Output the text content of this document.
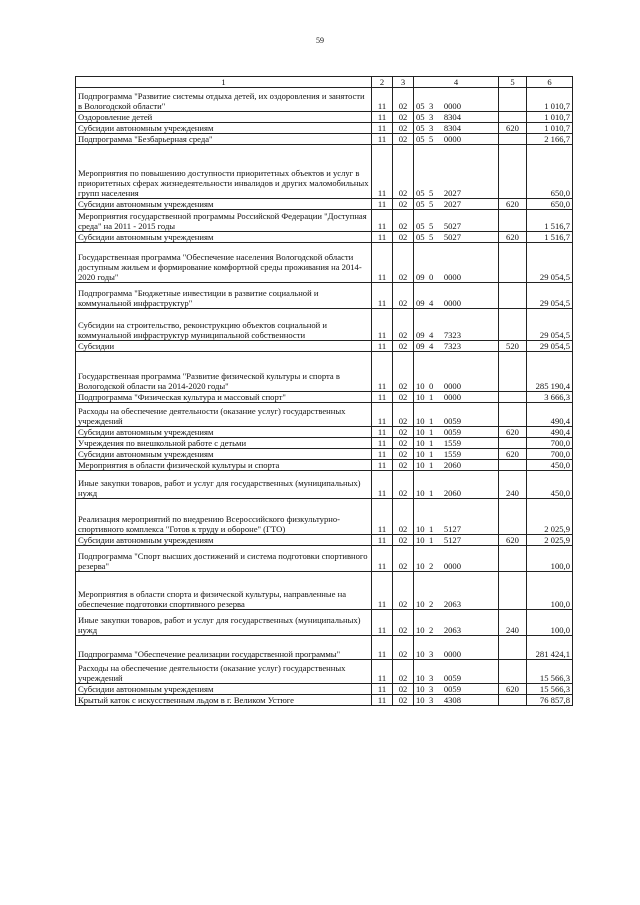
59
1	2	3	4	5	6
Подпрограмма "Развитие системы отдыха детей, их оздоровления и занятости в Вологодской области"	11	02	05 3 0000		1 010,7
Оздоровление детей	11	02	05 3 8304		1 010,7
Субсидии автономным учреждениям	11	02	05 3 8304	620	1 010,7
Подпрограмма "Безбарьерная среда"	11	02	05 5 0000		2 166,7
Мероприятия по повышению доступности приоритетных объектов и услуг в приоритетных сферах жизнедеятельности инвалидов и других маломобильных групп населения	11	02	05 5 2027		650,0
Субсидии автономным учреждениям	11	02	05 5 2027	620	650,0
Мероприятия государственной программы Российской Федерации "Доступная среда" на 2011 - 2015 годы	11	02	05 5 5027		1 516,7
Субсидии автономным учреждениям	11	02	05 5 5027	620	1 516,7
Государственная программа "Обеспечение населения Вологодской области доступным жильем и формирование комфортной среды проживания на 2014-2020 годы"	11	02	09 0 0000		29 054,5
Подпрограмма "Бюджетные инвестиции в развитие социальной и коммунальной инфраструктур"	11	02	09 4 0000		29 054,5
Субсидии на строительство, реконструкцию объектов социальной и коммунальной инфраструктур муниципальной собственности	11	02	09 4 7323		29 054,5
Субсидии	11	02	09 4 7323	520	29 054,5
Государственная программа "Развитие физической культуры и спорта в Вологодской области на 2014-2020 годы"	11	02	10 0 0000		285 190,4
Подпрограмма "Физическая культура и массовый спорт"	11	02	10 1 0000		3 666,3
Расходы на обеспечение деятельности (оказание услуг) государственных учреждений	11	02	10 1 0059		490,4
Субсидии автономным учреждениям	11	02	10 1 0059	620	490,4
Учреждения по внешкольной работе с детьми	11	02	10 1 1559		700,0
Субсидии автономным учреждениям	11	02	10 1 1559	620	700,0
Мероприятия в области физической культуры и спорта	11	02	10 1 2060		450,0
Иные закупки товаров, работ и услуг для государственных (муниципальных) нужд	11	02	10 1 2060	240	450,0
Реализация мероприятий по внедрению Всероссийского физкультурно-спортивного комплекса "Готов к труду и обороне" (ГТО)	11	02	10 1 5127		2 025,9
Субсидии автономным учреждениям	11	02	10 1 5127	620	2 025,9
Подпрограмма "Спорт высших достижений и система подготовки спортивного резерва"	11	02	10 2 0000		100,0
Мероприятия в области спорта и физической культуры, направленные на обеспечение подготовки спортивного резерва	11	02	10 2 2063		100,0
Иные закупки товаров, работ и услуг для государственных (муниципальных) нужд	11	02	10 2 2063	240	100,0
Подпрограмма "Обеспечение реализации государственной программы"	11	02	10 3 0000		281 424,1
Расходы на обеспечение деятельности (оказание услуг) государственных учреждений	11	02	10 3 0059		15 566,3
Субсидии автономным учреждениям	11	02	10 3 0059	620	15 566,3
Крытый каток с искусственным льдом в г. Великом Устюге	11	02	10 3 4308		76 857,8
